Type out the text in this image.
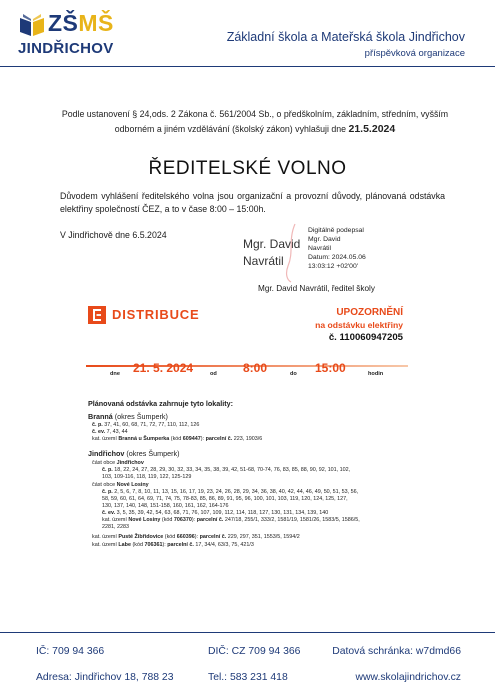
ZŠMŠ
JINDŘICHOV
Základní škola a Mateřská škola Jindřichov
příspěvková organizace
Podle ustanovení § 24,ods. 2 Zákona č. 561/2004 Sb., o předškolním, základním, středním, vyšším
odborném a jiném vzdělávání (školský zákon) vyhlašuji dne 21.5.2024
ŘEDITELSKÉ VOLNO
Důvodem vyhlášení ředitelského volna jsou organizační a provozní důvody, plánovaná odstávka elektřiny společností ČEZ, a to v čase 8:00 – 15:00h.
V Jindřichově dne 6.5.2024
Mgr. David
Navrátil
Digitálně podepsal
Mgr. David
Navrátil
Datum: 2024.05.06
13:03:12 +02'00'
Mgr. David Navrátil, ředitel školy
DISTRIBUCE	UPOZORNĚNÍ
na odstávku elektřiny
č. 110060947205
dne 21. 5. 2024	od 8:00	do 15:00	hodin
Plánovaná odstávka zahrnuje tyto lokality:
Branná (okres Šumperk)
č. p. 37, 41, 60, 68, 71, 72, 77, 110, 112, 126
č. ev. 7, 43, 44
kat. území Branná u Šumperka (kód 609447): parcelní č. 223, 1903/6
Jindřichov (okres Šumperk)
část obce Jindřichov
č. p. 18, 22, 24, 27, 28, 29, 30, 32, 33, 34, 35, 38, 39, 42, 51-68, 70-74, 76, 83, 85, 88, 90, 92, 101, 102,
103, 109-116, 118, 119, 122, 125-129
část obce Nové Losiny
č. p. 2, 5, 6, 7, 8, 10, 11, 13, 15, 16, 17, 19, 23, 24, 26, 28, 29, 34, 36, 38, 40, 42, 44, 46, 49, 50, 51, 53, 56,
58, 59, 60, 61, 64, 69, 71, 74, 75, 78-83, 85, 86, 89, 91, 95, 96, 100, 101, 103, 119, 120, 124, 125, 127,
130, 137, 140, 148, 151-158, 160, 161, 162, 164-176
č. ev. 3, 5, 35, 39, 42, 54, 63, 68, 71, 76, 107, 109, 112, 114, 118, 127, 130, 131, 134, 139, 140
kat. území Nové Losiny (kód 706370): parcelní č. 247/18, 255/1, 333/2, 1581/19, 1581/26, 1583/5, 1586/5,
2281, 2283
kat. území Pusté Žibřidovice (kód 660396): parcelní č. 229, 297, 351, 1553/5, 1594/2
kat. území Labe (kód 706361): parcelní č. 17, 34/4, 63/3, 75, 421/3
IČ: 709 94 366	DIČ: CZ 709 94 366	Datová schránka: w7dmd66
Adresa: Jindřichov 18, 788 23	Tel.: 583 231 418	www.skolajindrichov.cz
